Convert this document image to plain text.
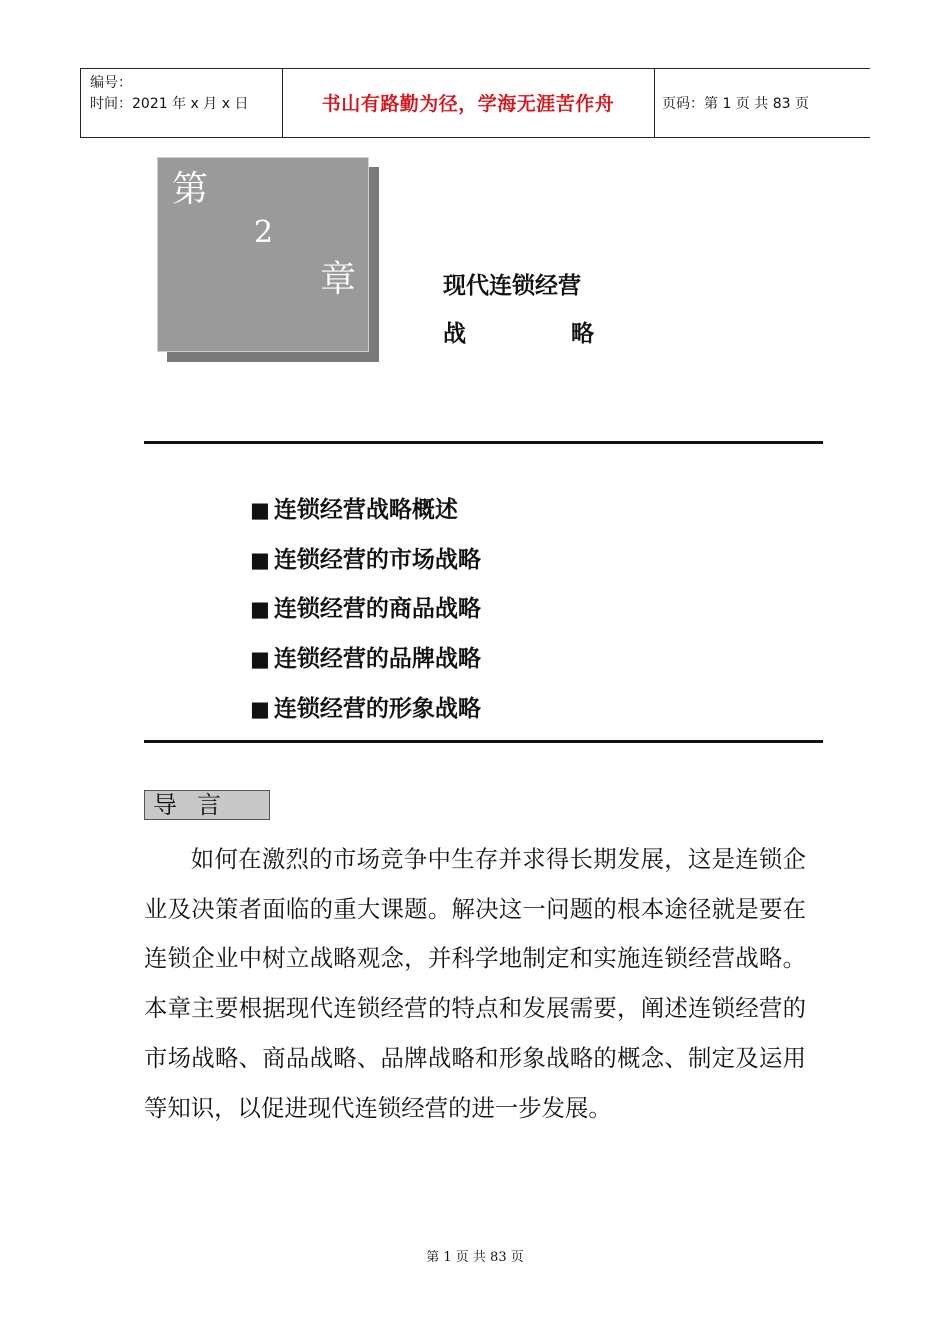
编号：
时间：2021 年 x 月 x 日	书山有路勤为径，学海无涯苦作舟	页码：第 1 页 共 83 页
第
2
章	现代连锁经营
战	略
■ 连锁经营战略概述
■ 连锁经营的市场战略
■ 连锁经营的商品战略
■ 连锁经营的品牌战略
■ 连锁经营的形象战略
导言

如何在激烈的市场竞争中生存并求得长期发展，这是连锁企业及决策者面临的重大课题。解决这一问题的根本途径就是要在连锁企业中树立战略观念，并科学地制定和实施连锁经营战略。本章主要根据现代连锁经营的特点和发展需要，阐述连锁经营的市场战略、商品战略、品牌战略和形象战略的概念、制定及运用等知识，以促进现代连锁经营的进一步发展。

第 1 页 共 83 页
